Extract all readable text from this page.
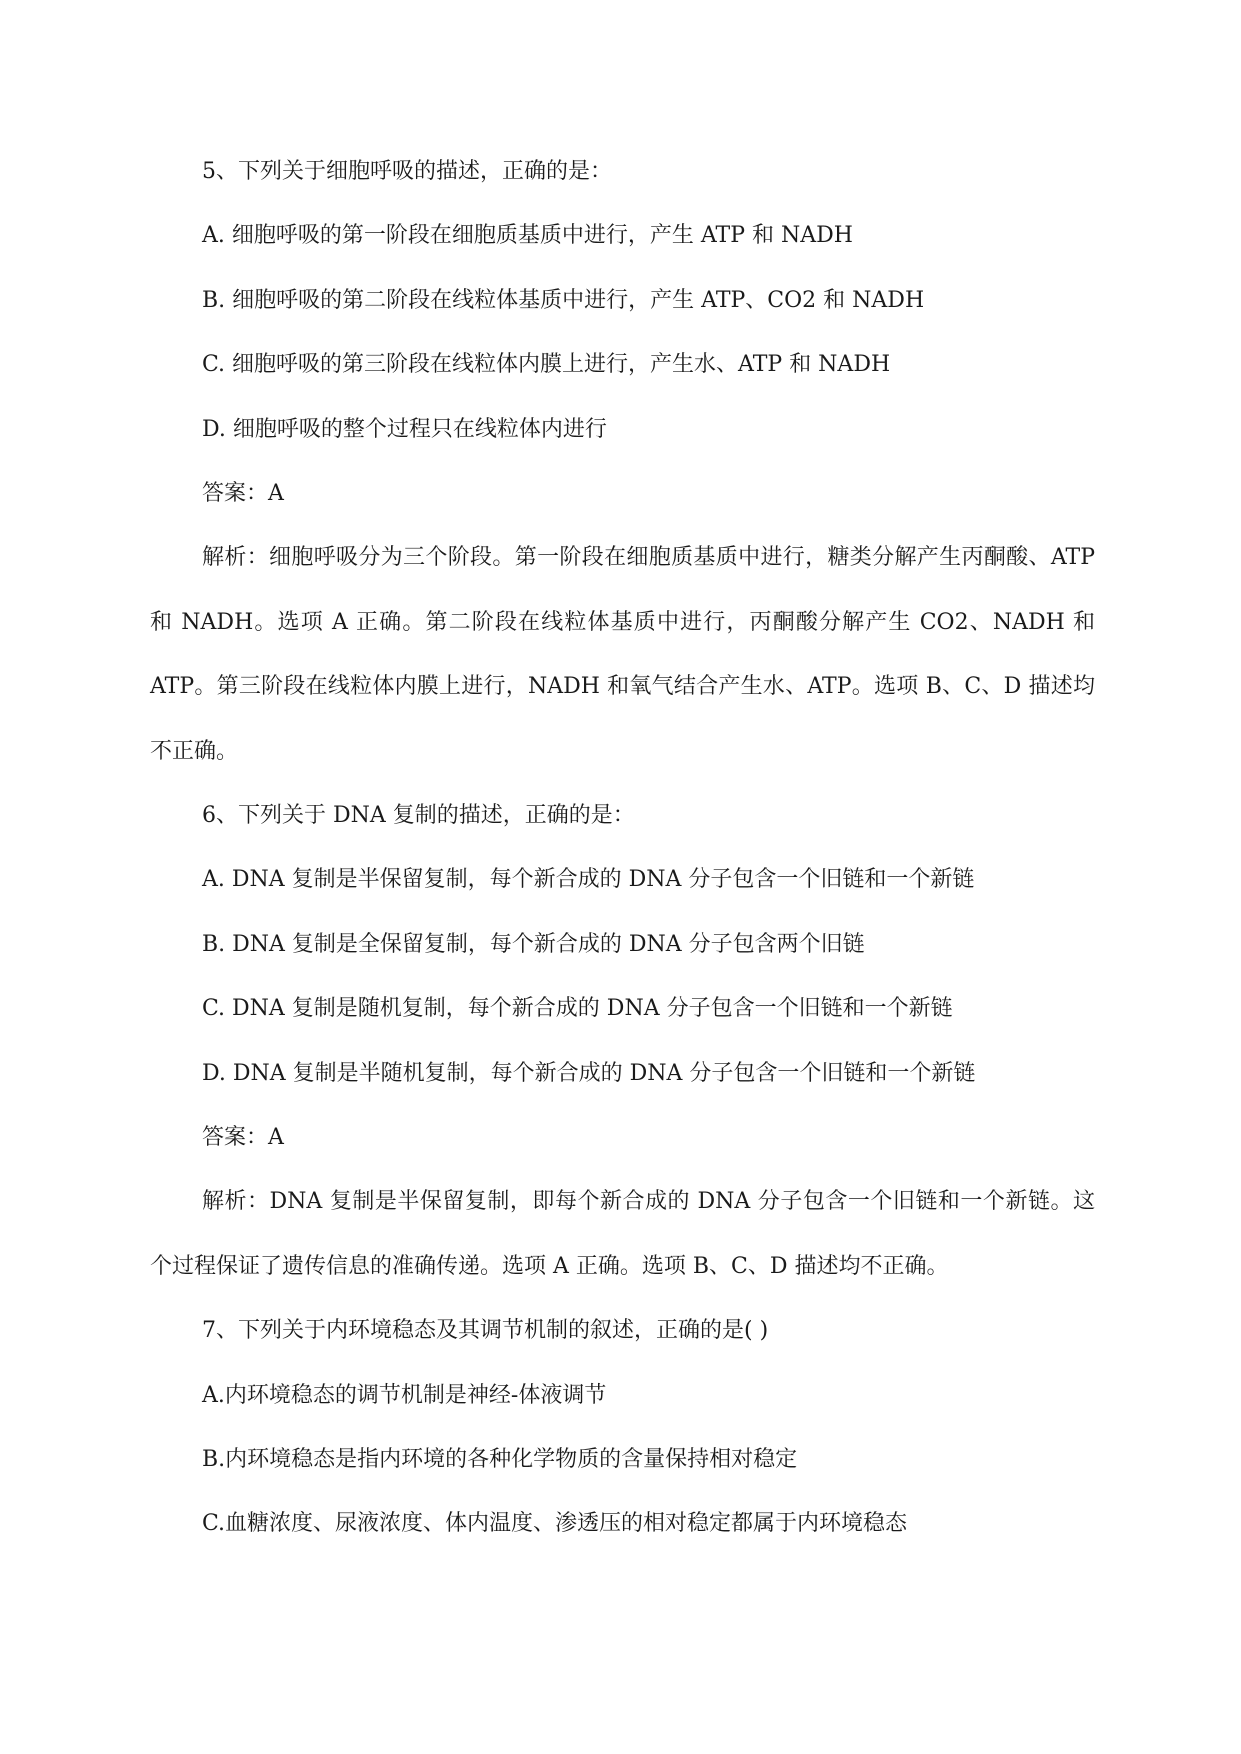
5、下列关于细胞呼吸的描述，正确的是：
A. 细胞呼吸的第一阶段在细胞质基质中进行，产生 ATP 和 NADH
B. 细胞呼吸的第二阶段在线粒体基质中进行，产生 ATP、CO2 和 NADH
C. 细胞呼吸的第三阶段在线粒体内膜上进行，产生水、ATP 和 NADH
D. 细胞呼吸的整个过程只在线粒体内进行
答案：A
解析：细胞呼吸分为三个阶段。第一阶段在细胞质基质中进行，糖类分解产生丙酮酸、ATP 和 NADH。选项 A 正确。第二阶段在线粒体基质中进行，丙酮酸分解产生 CO2、NADH 和 ATP。第三阶段在线粒体内膜上进行，NADH 和氧气结合产生水、ATP。选项 B、C、D 描述均不正确。
6、下列关于 DNA 复制的描述，正确的是：
A. DNA 复制是半保留复制，每个新合成的 DNA 分子包含一个旧链和一个新链
B. DNA 复制是全保留复制，每个新合成的 DNA 分子包含两个旧链
C. DNA 复制是随机复制，每个新合成的 DNA 分子包含一个旧链和一个新链
D. DNA 复制是半随机复制，每个新合成的 DNA 分子包含一个旧链和一个新链
答案：A
解析：DNA 复制是半保留复制，即每个新合成的 DNA 分子包含一个旧链和一个新链。这个过程保证了遗传信息的准确传递。选项 A 正确。选项 B、C、D 描述均不正确。
7、下列关于内环境稳态及其调节机制的叙述，正确的是( )
A.内环境稳态的调节机制是神经-体液调节
B.内环境稳态是指内环境的各种化学物质的含量保持相对稳定
C.血糖浓度、尿液浓度、体内温度、渗透压的相对稳定都属于内环境稳态
